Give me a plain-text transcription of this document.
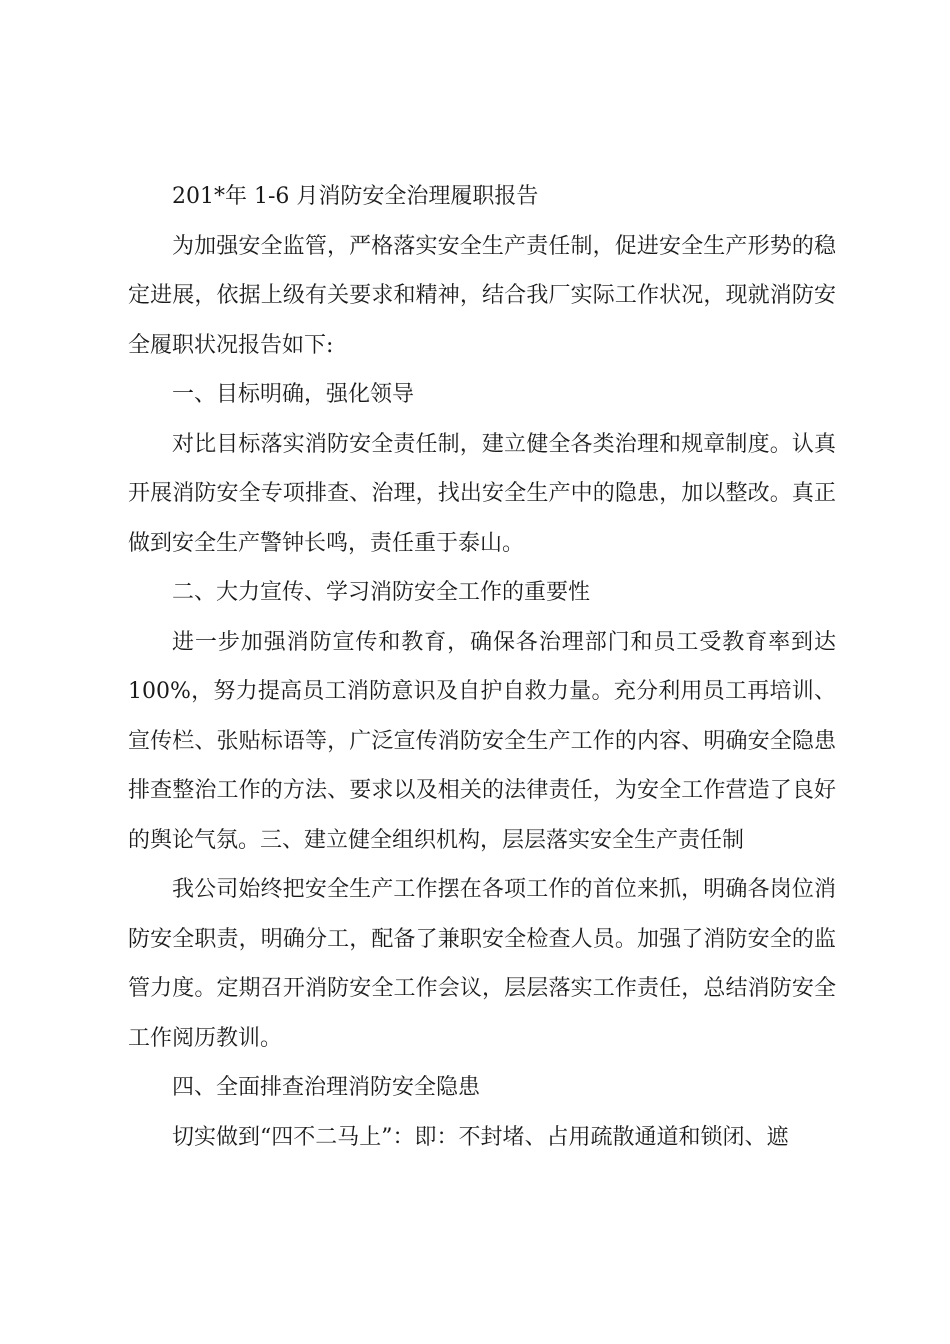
201*年 1-6 月消防安全治理履职报告

为加强安全监管，严格落实安全生产责任制，促进安全生产形势的稳定进展，依据上级有关要求和精神，结合我厂实际工作状况，现就消防安全履职状况报告如下:

一、目标明确，强化领导

对比目标落实消防安全责任制，建立健全各类治理和规章制度。认真开展消防安全专项排查、治理，找出安全生产中的隐患，加以整改。真正做到安全生产警钟长鸣，责任重于泰山。

二、大力宣传、学习消防安全工作的重要性

进一步加强消防宣传和教育，确保各治理部门和员工受教育率到达100%，努力提高员工消防意识及自护自救力量。充分利用员工再培训、宣传栏、张贴标语等，广泛宣传消防安全生产工作的内容、明确安全隐患排查整治工作的方法、要求以及相关的法律责任，为安全工作营造了良好的舆论气氛。三、建立健全组织机构，层层落实安全生产责任制

我公司始终把安全生产工作摆在各项工作的首位来抓，明确各岗位消防安全职责，明确分工，配备了兼职安全检查人员。加强了消防安全的监管力度。定期召开消防安全工作会议，层层落实工作责任，总结消防安全工作阅历教训。

四、全面排查治理消防安全隐患

切实做到“四不二马上”：即：不封堵、占用疏散通道和锁闭、遮
